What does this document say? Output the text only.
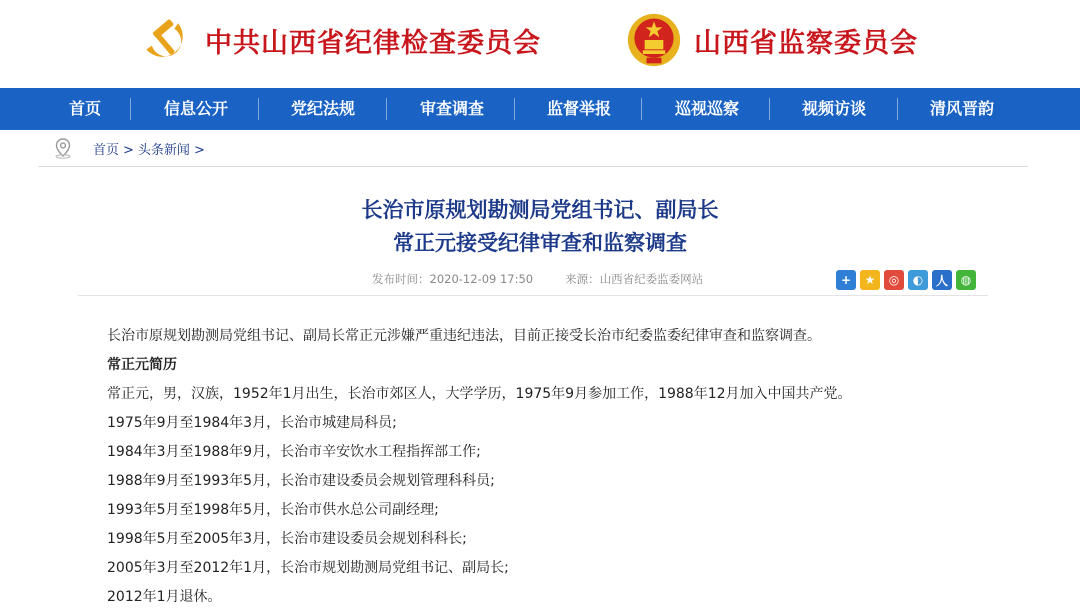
中共山西省纪律检查委员会	山西省监察委员会
首页	信息公开	党纪法规	审查调查	监督举报	巡视巡察	视频访谈	清风晋韵
首页 > 头条新闻 >
长治市原规划勘测局党组书记、副局长
常正元接受纪律审查和监察调查
发布时间：2020-12-09 17:50	来源：山西省纪委监委网站	+	★	◎	◐	人	◍

长治市原规划勘测局党组书记、副局长常正元涉嫌严重违纪违法，目前正接受长治市纪委监委纪律审查和监察调查。

常正元简历

常正元，男，汉族，1952年1月出生，长治市郊区人，大学学历，1975年9月参加工作，1988年12月加入中国共产党。

1975年9月至1984年3月，长治市城建局科员;

1984年3月至1988年9月，长治市辛安饮水工程指挥部工作;

1988年9月至1993年5月，长治市建设委员会规划管理科科员;

1993年5月至1998年5月，长治市供水总公司副经理;

1998年5月至2005年3月，长治市建设委员会规划科科长;

2005年3月至2012年1月，长治市规划勘测局党组书记、副局长;

2012年1月退休。
